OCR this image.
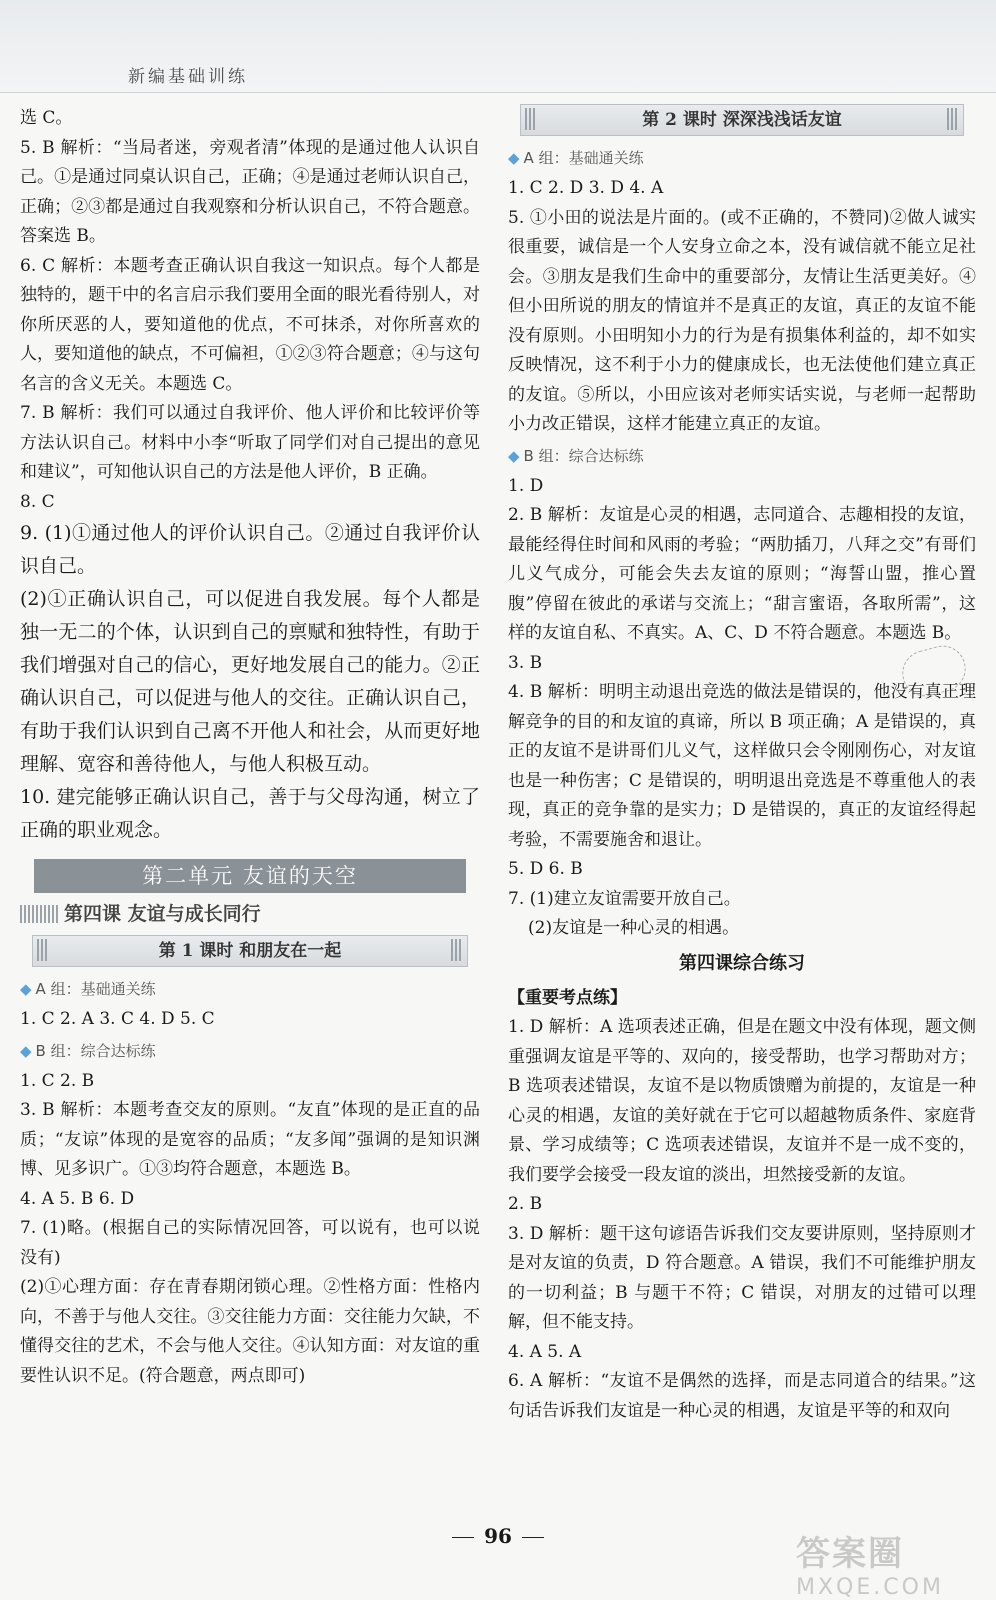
新编基础训练

选 C。

5. B 解析：“当局者迷，旁观者清”体现的是通过他人认识自己。①是通过同桌认识自己，正确；④是通过老师认识自己，正确；②③都是通过自我观察和分析认识自己，不符合题意。答案选 B。

6. C 解析：本题考查正确认识自我这一知识点。每个人都是独特的，题干中的名言启示我们要用全面的眼光看待别人，对你所厌恶的人，要知道他的优点，不可抹杀，对你所喜欢的人，要知道他的缺点，不可偏袒，①②③符合题意；④与这句名言的含义无关。本题选 C。

7. B 解析：我们可以通过自我评价、他人评价和比较评价等方法认识自己。材料中小李“听取了同学们对自己提出的意见和建议”，可知他认识自己的方法是他人评价，B 正确。

8. C

9. (1)①通过他人的评价认识自己。②通过自我评价认识自己。

(2)①正确认识自己，可以促进自我发展。每个人都是独一无二的个体，认识到自己的禀赋和独特性，有助于我们增强对自己的信心，更好地发展自己的能力。②正确认识自己，可以促进与他人的交往。正确认识自己，有助于我们认识到自己离不开他人和社会，从而更好地理解、宽容和善待他人，与他人积极互动。

10. 建完能够正确认识自己，善于与父母沟通，树立了正确的职业观念。

第二单元 友谊的天空
第四课 友谊与成长同行
第 1 课时 和朋友在一起
◆ A 组：基础通关练

1. C 2. A 3. C 4. D 5. C

◆ B 组：综合达标练

1. C 2. B

3. B 解析：本题考查交友的原则。“友直”体现的是正直的品质；“友谅”体现的是宽容的品质；“友多闻”强调的是知识渊博、见多识广。①③均符合题意，本题选 B。

4. A 5. B 6. D

7. (1)略。(根据自己的实际情况回答，可以说有，也可以说没有)

(2)①心理方面：存在青春期闭锁心理。②性格方面：性格内向，不善于与他人交往。③交往能力方面：交往能力欠缺，不懂得交往的艺术，不会与他人交往。④认知方面：对友谊的重要性认识不足。(符合题意，两点即可)

第 2 课时 深深浅浅话友谊
◆ A 组：基础通关练

1. C 2. D 3. D 4. A

5. ①小田的说法是片面的。(或不正确的，不赞同)②做人诚实很重要，诚信是一个人安身立命之本，没有诚信就不能立足社会。③朋友是我们生命中的重要部分，友情让生活更美好。④但小田所说的朋友的情谊并不是真正的友谊，真正的友谊不能没有原则。小田明知小力的行为是有损集体利益的，却不如实反映情况，这不利于小力的健康成长，也无法使他们建立真正的友谊。⑤所以，小田应该对老师实话实说，与老师一起帮助小力改正错误，这样才能建立真正的友谊。

◆ B 组：综合达标练

1. D

2. B 解析：友谊是心灵的相遇，志同道合、志趣相投的友谊，最能经得住时间和风雨的考验；“两肋插刀，八拜之交”有哥们儿义气成分，可能会失去友谊的原则；“海誓山盟，推心置腹”停留在彼此的承诺与交流上；“甜言蜜语，各取所需”，这样的友谊自私、不真实。A、C、D 不符合题意。本题选 B。

3. B

4. B 解析：明明主动退出竞选的做法是错误的，他没有真正理解竞争的目的和友谊的真谛，所以 B 项正确；A 是错误的，真正的友谊不是讲哥们儿义气，这样做只会令刚刚伤心，对友谊也是一种伤害；C 是错误的，明明退出竞选是不尊重他人的表现，真正的竞争靠的是实力；D 是错误的，真正的友谊经得起考验，不需要施舍和退让。

5. D 6. B

7. (1)建立友谊需要开放自己。

(2)友谊是一种心灵的相遇。

第四课综合练习
【重要考点练】

1. D 解析：A 选项表述正确，但是在题文中没有体现，题文侧重强调友谊是平等的、双向的，接受帮助，也学习帮助对方；B 选项表述错误，友谊不是以物质馈赠为前提的，友谊是一种心灵的相遇，友谊的美好就在于它可以超越物质条件、家庭背景、学习成绩等；C 选项表述错误，友谊并不是一成不变的，我们要学会接受一段友谊的淡出，坦然接受新的友谊。

2. B

3. D 解析：题干这句谚语告诉我们交友要讲原则，坚持原则才是对友谊的负责，D 符合题意。A 错误，我们不可能维护朋友的一切利益；B 与题干不符；C 错误，对朋友的过错可以理解，但不能支持。

4. A 5. A

6. A 解析：“友谊不是偶然的选择，而是志同道合的结果。”这句话告诉我们友谊是一种心灵的相遇，友谊是平等的和双向

96	答案圈
MXQE.COM
